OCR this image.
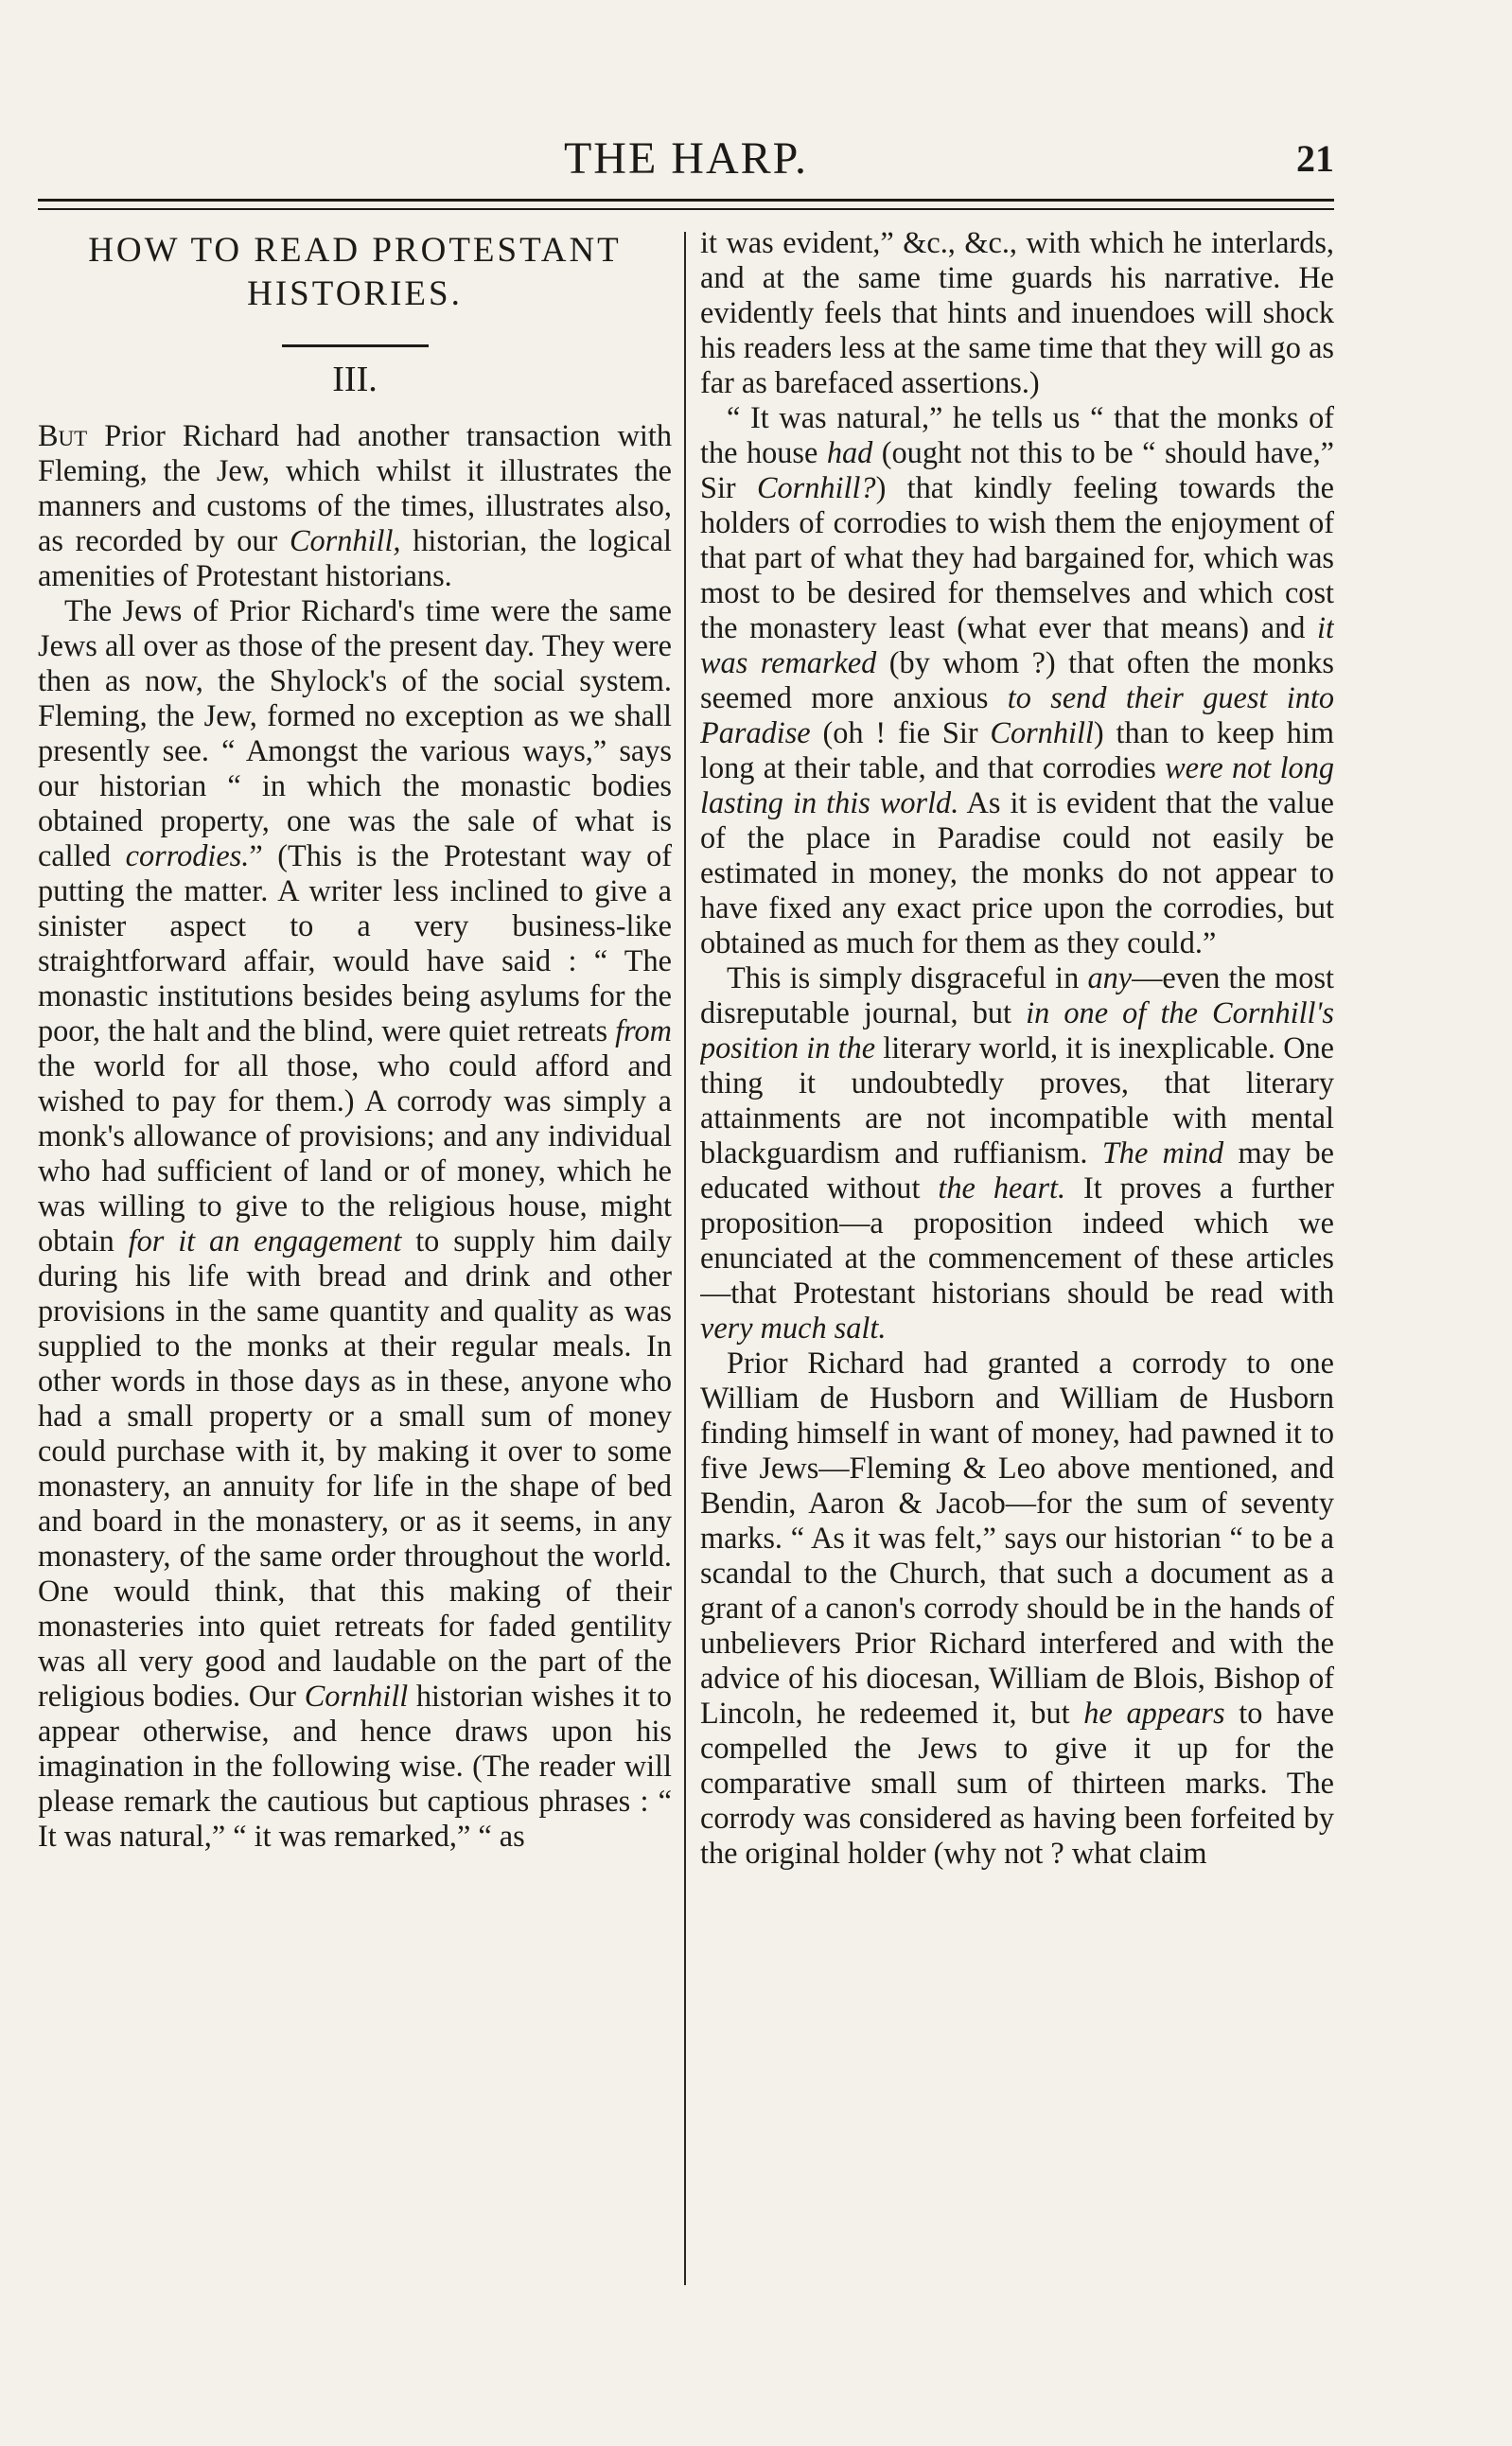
THE HARP.	21
HOW TO READ PROTESTANT HISTORIES.
III.

But Prior Richard had another transaction with Fleming, the Jew, which whilst it illustrates the manners and customs of the times, illustrates also, as recorded by our Cornhill, historian, the logical amenities of Protestant historians.

The Jews of Prior Richard's time were the same Jews all over as those of the present day. They were then as now, the Shylock's of the social system. Fleming, the Jew, formed no exception as we shall presently see. “ Amongst the various ways,” says our historian “ in which the monastic bodies obtained property, one was the sale of what is called corrodies.” (This is the Protestant way of putting the matter. A writer less inclined to give a sinister aspect to a very business-like straightforward affair, would have said : “ The monastic institutions besides being asylums for the poor, the halt and the blind, were quiet retreats from the world for all those, who could afford and wished to pay for them.) A corrody was simply a monk's allowance of provisions; and any individual who had sufficient of land or of money, which he was willing to give to the religious house, might obtain for it an engagement to supply him daily during his life with bread and drink and other provisions in the same quantity and quality as was supplied to the monks at their regular meals. In other words in those days as in these, anyone who had a small property or a small sum of money could purchase with it, by making it over to some monastery, an annuity for life in the shape of bed and board in the monastery, or as it seems, in any monastery, of the same order throughout the world. One would think, that this making of their monasteries into quiet retreats for faded gentility was all very good and laudable on the part of the religious bodies. Our Cornhill historian wishes it to appear otherwise, and hence draws upon his imagination in the following wise. (The reader will please remark the cautious but captious phrases : “ It was natural,” “ it was remarked,” “ as

it was evident,” &c., &c., with which he interlards, and at the same time guards his narrative. He evidently feels that hints and inuendoes will shock his readers less at the same time that they will go as far as barefaced assertions.)

“ It was natural,” he tells us “ that the monks of the house had (ought not this to be “ should have,” Sir Cornhill?) that kindly feeling towards the holders of corrodies to wish them the enjoyment of that part of what they had bargained for, which was most to be desired for themselves and which cost the monastery least (what ever that means) and it was remarked (by whom ?) that often the monks seemed more anxious to send their guest into Paradise (oh ! fie Sir Cornhill) than to keep him long at their table, and that corrodies were not long lasting in this world. As it is evident that the value of the place in Paradise could not easily be estimated in money, the monks do not appear to have fixed any exact price upon the corrodies, but obtained as much for them as they could.”

This is simply disgraceful in any—even the most disreputable journal, but in one of the Cornhill's position in the literary world, it is inexplicable. One thing it undoubtedly proves, that literary attainments are not incompatible with mental blackguardism and ruffianism. The mind may be educated without the heart. It proves a further proposition—a proposition indeed which we enunciated at the commencement of these articles—that Protestant historians should be read with very much salt.

Prior Richard had granted a corrody to one William de Husborn and William de Husborn finding himself in want of money, had pawned it to five Jews—Fleming & Leo above mentioned, and Bendin, Aaron & Jacob—for the sum of seventy marks. “ As it was felt,” says our historian “ to be a scandal to the Church, that such a document as a grant of a canon's corrody should be in the hands of unbelievers Prior Richard interfered and with the advice of his diocesan, William de Blois, Bishop of Lincoln, he redeemed it, but he appears to have compelled the Jews to give it up for the comparative small sum of thirteen marks. The corrody was considered as having been forfeited by the original holder (why not ? what claim
